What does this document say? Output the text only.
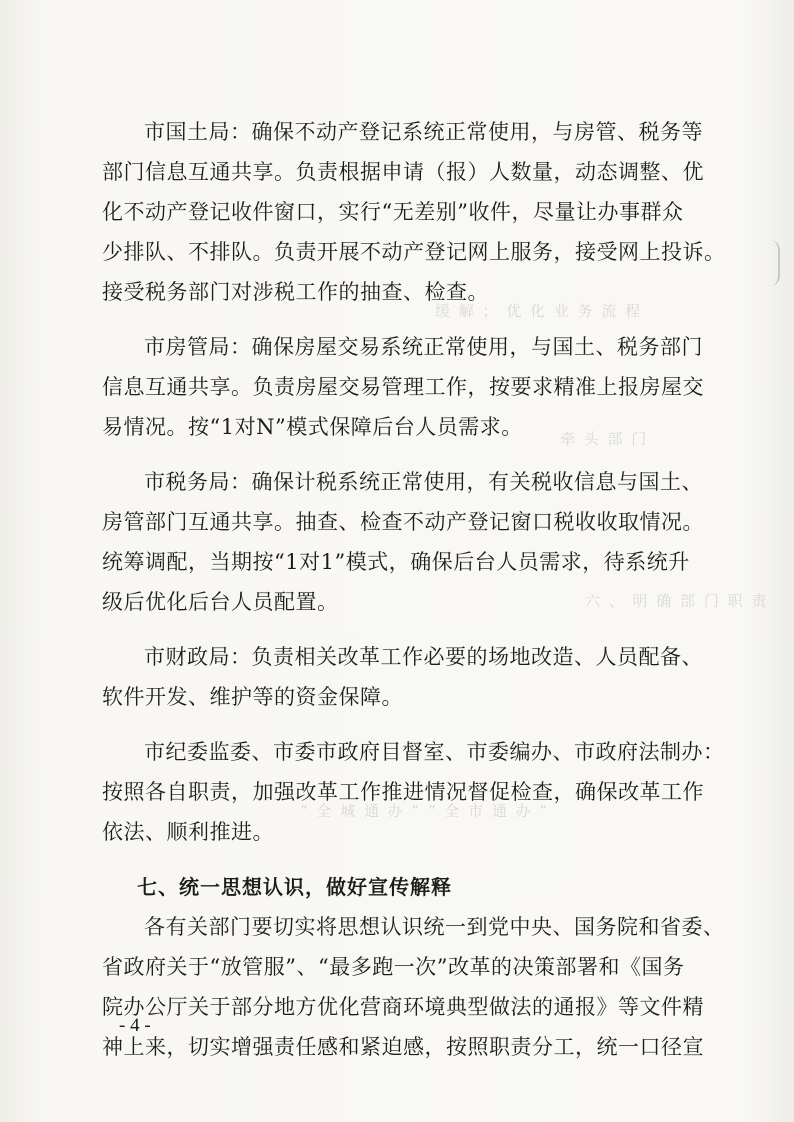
缓 解 ； 优 化 业 务 流 程
牵 头 部 门
六 、 明 确 部 门 职 责
“ 全 城 通 办 ” “ 全 市 通 办 ”
市国土局：确保不动产登记系统正常使用，与房管、税务等
部门信息互通共享。负责根据申请（报）人数量，动态调整、优
化不动产登记收件窗口，实行“无差别”收件，尽量让办事群众
少排队、不排队。负责开展不动产登记网上服务，接受网上投诉。
接受税务部门对涉税工作的抽查、检查。
市房管局：确保房屋交易系统正常使用，与国土、税务部门
信息互通共享。负责房屋交易管理工作，按要求精准上报房屋交
易情况。按“1对N”模式保障后台人员需求。
市税务局：确保计税系统正常使用，有关税收信息与国土、
房管部门互通共享。抽查、检查不动产登记窗口税收收取情况。
统筹调配，当期按“1对1”模式，确保后台人员需求，待系统升
级后优化后台人员配置。
市财政局：负责相关改革工作必要的场地改造、人员配备、
软件开发、维护等的资金保障。
市纪委监委、市委市政府目督室、市委编办、市政府法制办：
按照各自职责，加强改革工作推进情况督促检查，确保改革工作
依法、顺利推进。
七、统一思想认识，做好宣传解释
各有关部门要切实将思想认识统一到党中央、国务院和省委、
省政府关于“放管服”、“最多跑一次”改革的决策部署和《国务
院办公厅关于部分地方优化营商环境典型做法的通报》等文件精
神上来，切实增强责任感和紧迫感，按照职责分工，统一口径宣
- 4 -
